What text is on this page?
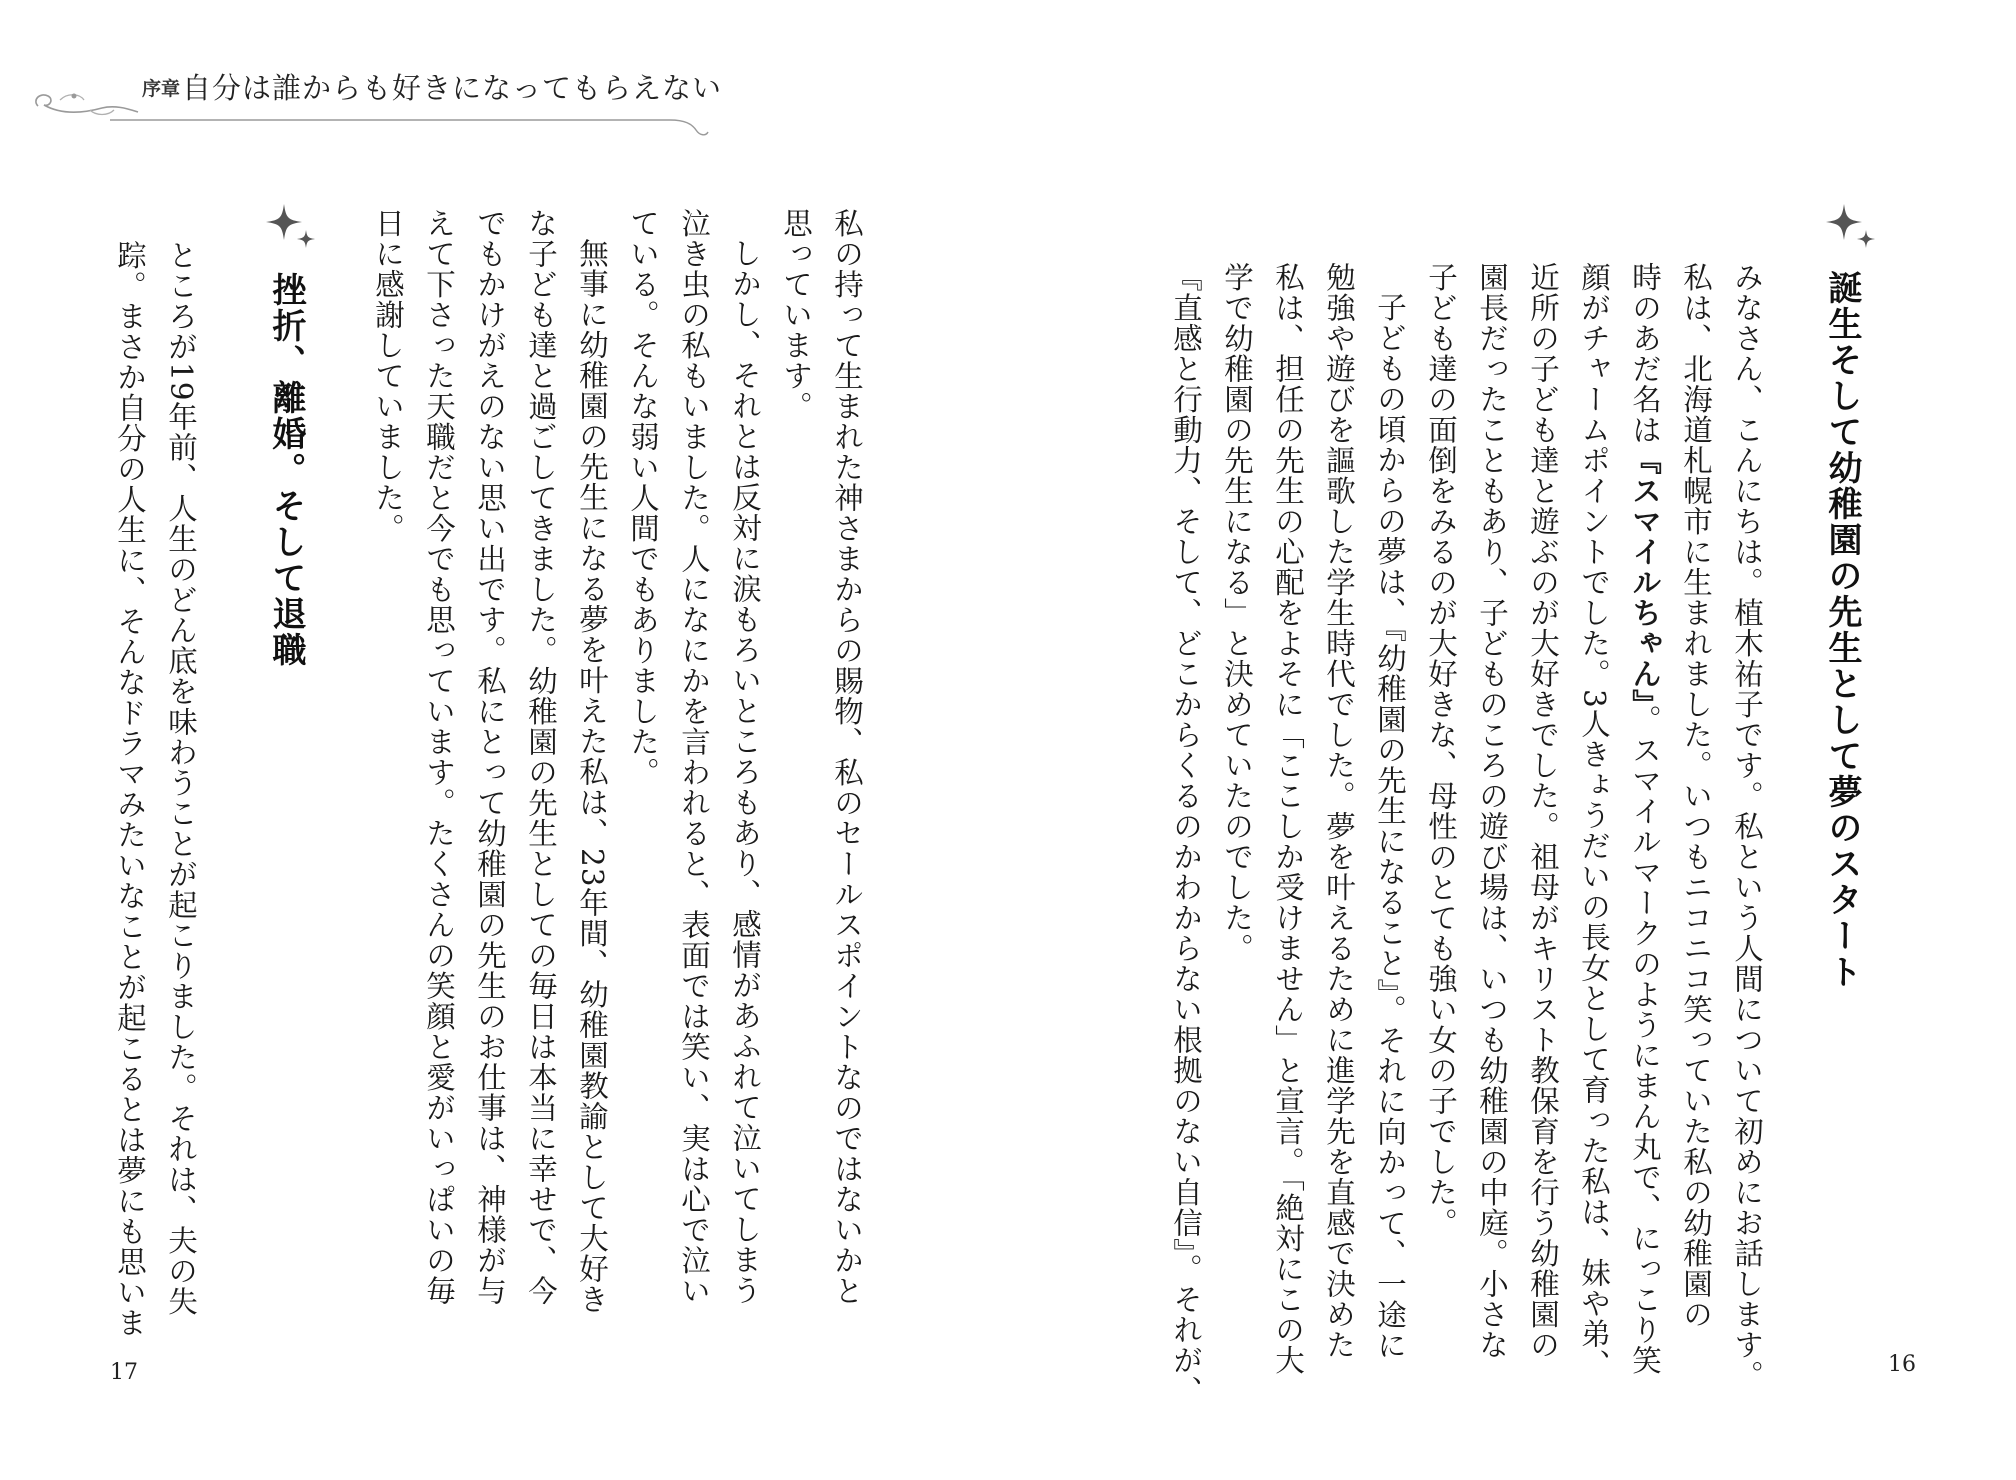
序章 自分は誰からも好きになってもらえない
誕生そして幼稚園の先生として夢のスタート
みなさん、こんにちは。植木祐子です。私という人間について初めにお話します。
私は、北海道札幌市に生まれました。いつもニコニコ笑っていた私の幼稚園の
時のあだ名は『スマイルちゃん』。スマイルマークのようにまん丸で、にっこり笑
顔がチャームポイントでした。3人きょうだいの長女として育った私は、妹や弟、
近所の子ども達と遊ぶのが大好きでした。祖母がキリスト教保育を行う幼稚園の
園長だったこともあり、子どものころの遊び場は、いつも幼稚園の中庭。小さな
子ども達の面倒をみるのが大好きな、母性のとても強い女の子でした。
子どもの頃からの夢は、『幼稚園の先生になること』。それに向かって、一途に
勉強や遊びを謳歌した学生時代でした。夢を叶えるために進学先を直感で決めた
私は、担任の先生の心配をよそに「ここしか受けません」と宣言。「絶対にこの大
学で幼稚園の先生になる」と決めていたのでした。
『直感と行動力、そして、どこからくるのかわからない根拠のない自信』。それが、	16
私の持って生まれた神さまからの賜物、私のセールスポイントなのではないかと
思っています。
しかし、それとは反対に涙もろいところもあり、感情があふれて泣いてしまう
泣き虫の私もいました。人になにかを言われると、表面では笑い、実は心で泣い
ている。そんな弱い人間でもありました。
無事に幼稚園の先生になる夢を叶えた私は、23年間、幼稚園教諭として大好き
な子ども達と過ごしてきました。幼稚園の先生としての毎日は本当に幸せで、今
でもかけがえのない思い出です。私にとって幼稚園の先生のお仕事は、神様が与
えて下さった天職だと今でも思っています。たくさんの笑顔と愛がいっぱいの毎
日に感謝していました。
挫折、離婚。そして退職
ところが19年前、人生のどん底を味わうことが起こりました。それは、夫の失
踪。まさか自分の人生に、そんなドラマみたいなことが起こるとは夢にも思いま
17
